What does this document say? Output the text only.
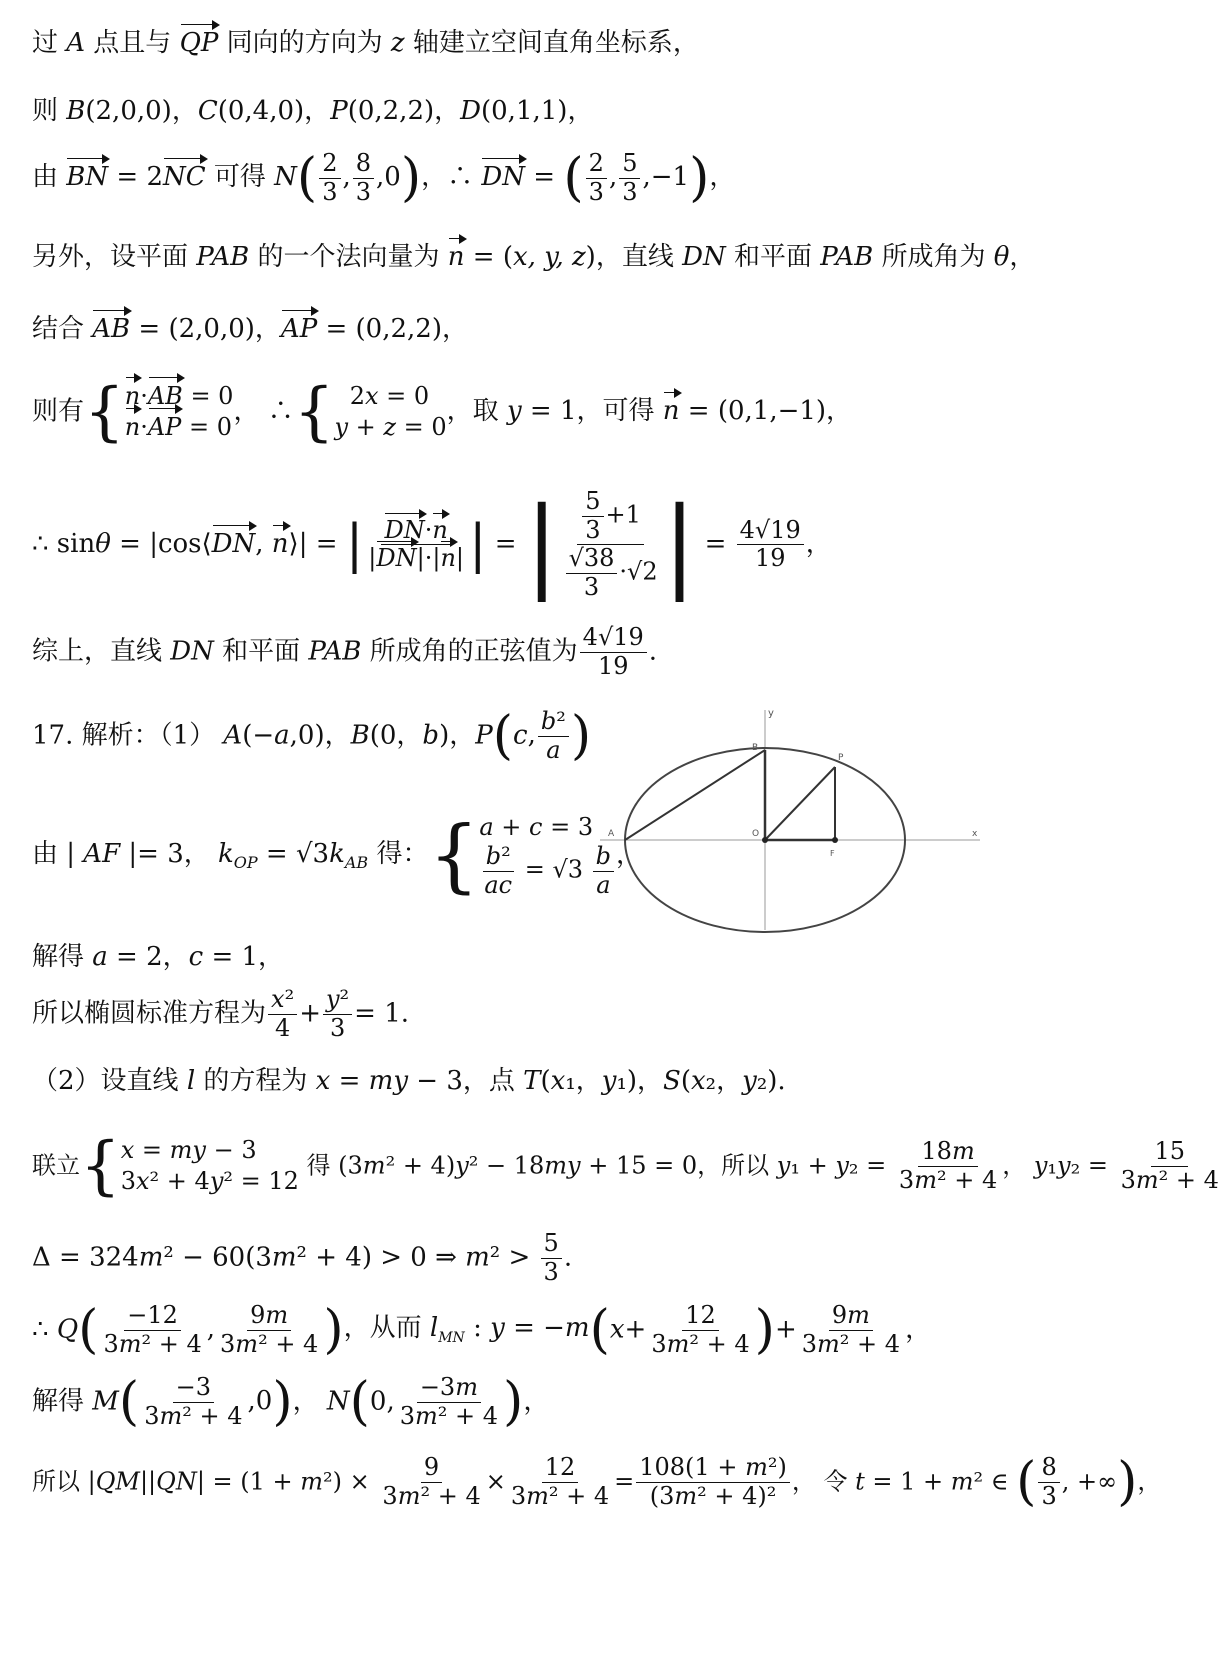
过 A 点且与 QP 同向的方向为 z 轴建立空间直角坐标系，
则 B(2,0,0)，C(0,4,0)，P(0,2,2)，D(0,1,1)，
由 BN = 2NC 可得 $N( \frac{2}{3}$ , $\frac{8}{3} ,0$)，∴ DN = ( $\frac{2}{3}$ , $\frac{5}{3} ,-1$)，
另外，设平面 PAB 的一个法向量为 n = (x, y, z)，直线 DN 和平面 PAB 所成角为 θ，
结合 AB = (2,0,0)，AP = (0,2,2)，
则有{ n·AB = 0
n·AP = 0
， ∴{ 2x = 0
y + z = 0
，取 y = 1，可得 n = (0,1,−1)，
∴ sinθ = |cos⟨DN, n⟩| = | $\frac{DN\cdot n}{|DN|\cdot|n|}$ | = | $\frac{\frac{5}{3} +1}{\frac{√38}{3} \cdot√2}$ | = $\frac{4√19}{19}$ ，
综上，直线 DN 和平面 PAB 所成角的正弦值为 $\frac{4√19}{19}$ .
17. 解析：（1） A(−a,0)，B(0，b)，P(c, $\frac{\text{b²}}{a}$ )	y
B
P
A	O
F
x
由 | AF |= 3， $k_{OP} = √3k_{AB}$ 得：{ a + c = 3
$\frac{\text{b²}}{ac} = √3 \frac{b}{a}$ ，
解得 a = 2，c = 1，
所以椭圆标准方程为 $\frac{\text{x²}}{4} + \frac{\text{y²}}{3} = 1$.
（2）设直线 l 的方程为 x = my − 3，点 T(x₁，y₁)，S(x₂，y₂).
联立{ x = my − 3
3x² + 4y² = 12
得 (3m² + 4)y² − 18my + 15 = 0，所以 $y_1 + y_2 = \frac{18m}{\text{3m² + 4}}$ ， $y_1y_2 = \frac{15}{\text{3m² + 4}}$
Δ = 324m² − 60(3m² + 4) > 0 ⇒ $m^2 > \frac{5}{3}$ .
∴ $Q( \frac{-12}{\text{3m² + 4}}$ , $\frac{9m}{\text{3m² + 4}}$ )，从而 $l_{MN}$ : $y = -m(x+ \frac{12}{\text{3m² + 4}}$ )+ $\frac{9m}{\text{3m² + 4}}$ ，
解得 $M( \frac{-3}{\text{3m² + 4}} ,0)$， N(0, $\frac{-3m}{\text{3m² + 4}}$ )，
所以 $|QM||QN| = (1 + m^2) \times \frac{9}{\text{3m² + 4}} \times \frac{12}{\text{3m² + 4}} = \frac{\text{108(1 + m²)}}{\text{(3m² + 4)²}}$ ， 令 t = 1 + m² ∈ ( $\frac{8}{3}$ , +∞)，
